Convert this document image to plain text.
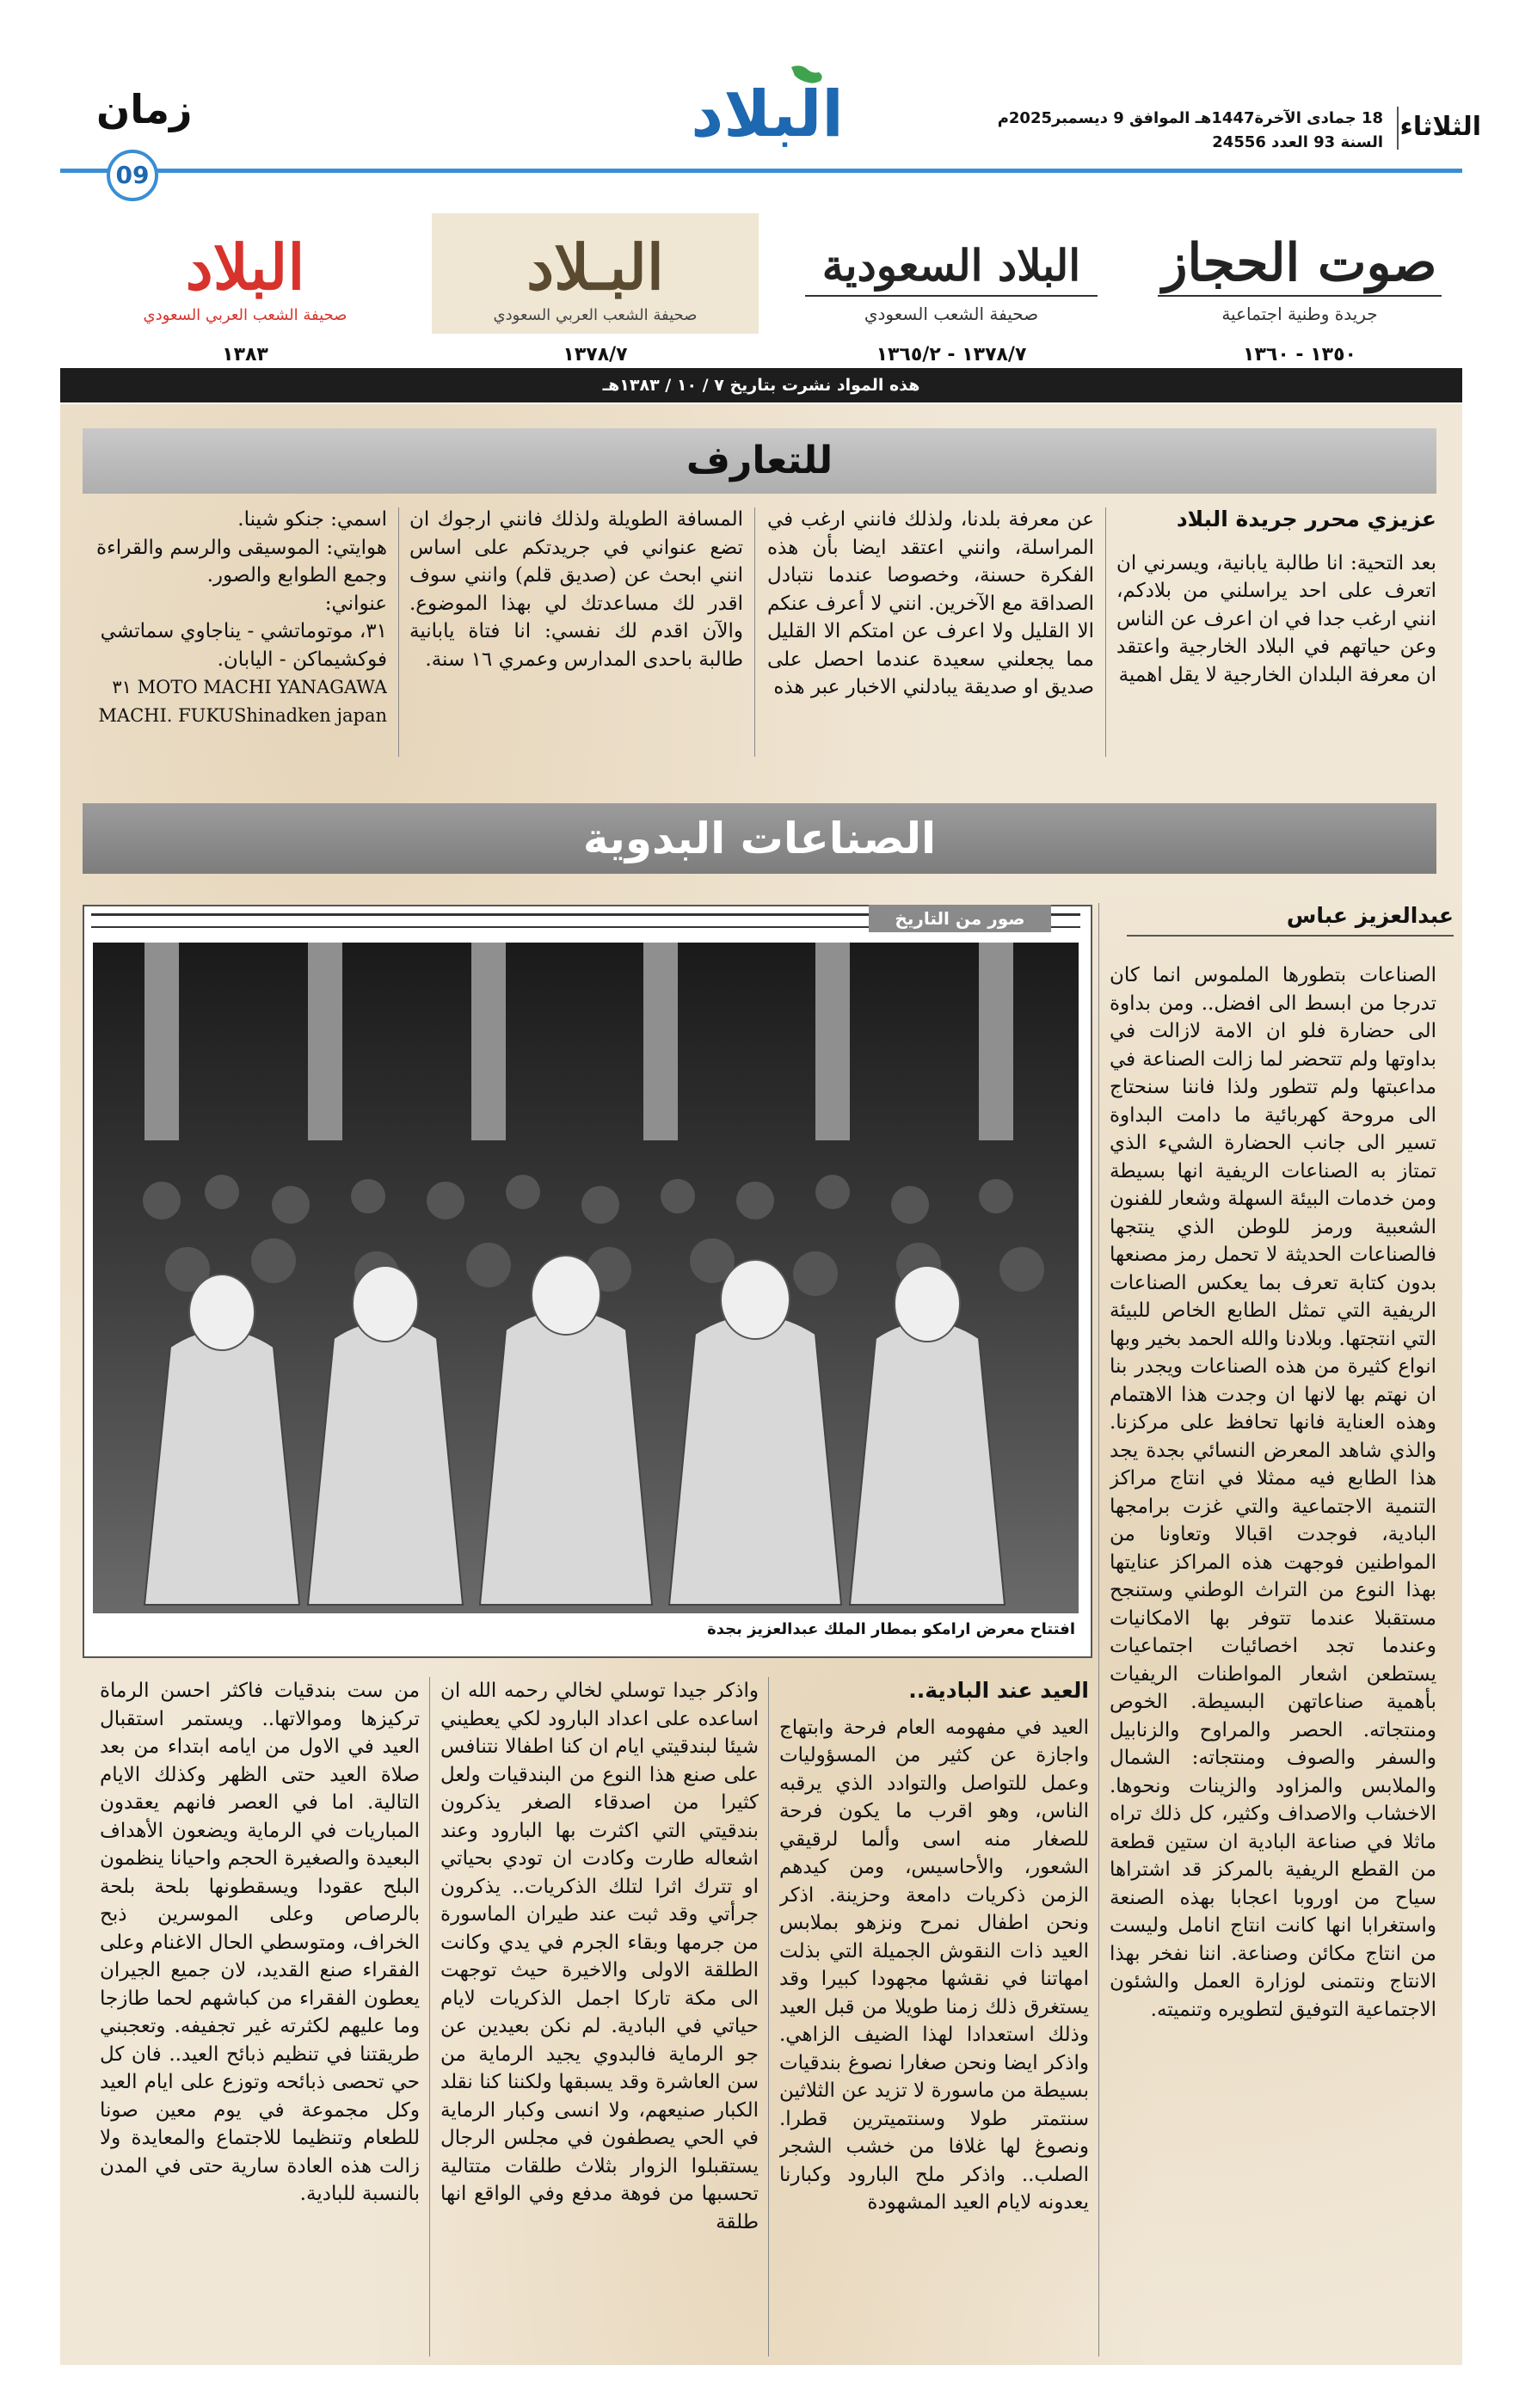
الثلاثاء
18 جمادى الآخرة1447هـ الموافق 9 ديسمبر2025م
السنة 93 العدد 24556
البلاد
زمان
09
صوت الحجاز
جريدة وطنية اجتماعية
البلاد السعودية
صحيفة الشعب السعودي
البـلاد
صحيفة الشعب العربي السعودي
البلاد
صحيفة الشعب العربي السعودي
١٣٥٠ - ١٣٦٠
١٣٧٨/٧ - ١٣٦٥/٢
١٣٧٨/٧
١٣٨٣
هذه المواد نشرت بتاريخ ٧ / ١٠ / ١٣٨٣هـ
للتعارف

عزيزي محرر جريدة البلاد

بعد التحية: انا طالبة يابانية، ويسرني ان اتعرف على احد يراسلني من بلادكم، انني ارغب جدا في ان اعرف عن الناس وعن حياتهم في البلاد الخارجية واعتقد ان معرفة البلدان الخارجية لا يقل اهمية

عن معرفة بلدنا، ولذلك فانني ارغب في المراسلة، وانني اعتقد ايضا بأن هذه الفكرة حسنة، وخصوصا عندما نتبادل الصداقة مع الآخرين. انني لا أعرف عنكم الا القليل ولا اعرف عن امتكم الا القليل مما يجعلني سعيدة عندما احصل على صديق او صديقة يبادلني الاخبار عبر هذه

المسافة الطويلة ولذلك فانني ارجوك ان تضع عنواني في جريدتكم على اساس انني ابحث عن (صديق قلم) وانني سوف اقدر لك مساعدتك لي بهذا الموضوع. والآن اقدم لك نفسي: انا فتاة يابانية طالبة باحدى المدارس وعمري ١٦ سنة.

اسمي: جنكو شينا.

هوايتي: الموسيقى والرسم والقراءة وجمع الطوابع والصور.

عنواني:

٣١، موتوماتشي - يناجاوي سماتشي فوكشيماكن - اليابان.

MOTO MACHI YANAGAWA ٣١

MACHI. FUKUShinadken japan

الصناعات البدوية
عبدالعزيز عباس

الصناعات بتطورها الملموس انما كان تدرجا من ابسط الى افضل.. ومن بداوة الى حضارة فلو ان الامة لازالت في بداوتها ولم تتحضر لما زالت الصناعة في مداعبتها ولم تتطور ولذا فاننا سنحتاج الى مروحة كهربائية ما دامت البداوة تسير الى جانب الحضارة الشيء الذي تمتاز به الصناعات الريفية انها بسيطة ومن خدمات البيئة السهلة وشعار للفنون الشعبية ورمز للوطن الذي ينتجها فالصناعات الحديثة لا تحمل رمز مصنعها بدون كتابة تعرف بما يعكس الصناعات الريفية التي تمثل الطابع الخاص للبيئة التي انتجتها. وبلادنا والله الحمد بخير وبها انواع كثيرة من هذه الصناعات ويجدر بنا ان نهتم بها لانها ان وجدت هذا الاهتمام وهذه العناية فانها تحافظ على مركزنا. والذي شاهد المعرض النسائي بجدة يجد هذا الطابع فيه ممثلا في انتاج مراكز التنمية الاجتماعية والتي غزت برامجها البادية، فوجدت اقبالا وتعاونا من المواطنين فوجهت هذه المراكز عنايتها بهذا النوع من التراث الوطني وستنجح مستقبلا عندما تتوفر بها الامكانيات وعندما تجد اخصائيات اجتماعيات يستطعن اشعار المواطنات الريفيات بأهمية صناعاتهن البسيطة. الخوص ومنتجاته. الحصر والمراوح والزنابيل والسفر والصوف ومنتجاته: الشمال والملابس والمزاود والزينات ونحوها. الاخشاب والاصداف وكثير، كل ذلك تراه ماثلا في صناعة البادية ان ستين قطعة من القطع الريفية بالمركز قد اشتراها سياح من اوروبا اعجابا بهذه الصنعة واستغرابا انها كانت انتاج انامل وليست من انتاج مكائن وصناعة. اننا نفخر بهذا الانتاج ونتمنى لوزارة العمل والشئون الاجتماعية التوفيق لتطويره وتنميته.

صور من التاريخ
افتتاح معرض ارامكو بمطار الملك عبدالعزيز بجدة

العيد عند البادية..

العيد في مفهومه العام فرحة وابتهاج واجازة عن كثير من المسؤوليات وعمل للتواصل والتوادد الذي يرقبه الناس، وهو اقرب ما يكون فرحة للصغار منه اسى وألما لرقيقي الشعور، والأحاسيس، ومن كيدهم الزمن ذكريات دامعة وحزينة. اذكر ونحن اطفال نمرح ونزهو بملابس العيد ذات النقوش الجميلة التي بذلت امهاتنا في نقشها مجهودا كبيرا وقد يستغرق ذلك زمنا طويلا من قبل العيد وذلك استعدادا لهذا الضيف الزاهي. واذكر ايضا ونحن صغارا نصوغ بندقيات بسيطة من ماسورة لا تزيد عن الثلاثين سنتمتر طولا وسنتميترين قطرا. ونصوغ لها غلافا من خشب الشجر الصلب.. واذكر ملح البارود وكبارنا يعدونه لايام العيد المشهودة

واذكر جيدا توسلي لخالي رحمه الله ان اساعده على اعداد البارود لكي يعطيني شيئا لبندقيتي ايام ان كنا اطفالا نتنافس على صنع هذا النوع من البندقيات ولعل كثيرا من اصدقاء الصغر يذكرون بندقيتي التي اكثرت بها البارود وعند اشعاله طارت وكادت ان تودي بحياتي او تترك اثرا لتلك الذكريات.. يذكرون جرأتي وقد ثبت عند طيران الماسورة من جرمها وبقاء الجرم في يدي وكانت الطلقة الاولى والاخيرة حيث توجهت الى مكة تاركا اجمل الذكريات لايام حياتي في البادية. لم نكن بعيدين عن جو الرماية فالبدوي يجيد الرماية من سن العاشرة وقد يسبقها ولكننا كنا نقلد الكبار صنيعهم، ولا انسى وكبار الرماية في الحي يصطفون في مجلس الرجال يستقبلوا الزوار بثلاث طلقات متتالية تحسبها من فوهة مدفع وفي الواقع انها طلقة

من ست بندقيات فاكثر احسن الرماة تركيزها وموالاتها.. ويستمر استقبال العيد في الاول من ايامه ابتداء من بعد صلاة العيد حتى الظهر وكذلك الايام التالية. اما في العصر فانهم يعقدون المباريات في الرماية ويضعون الأهداف البعيدة والصغيرة الحجم واحيانا ينظمون البلح عقودا ويسقطونها بلحة بلحة بالرصاص وعلى الموسرين ذبح الخراف، ومتوسطي الحال الاغنام وعلى الفقراء صنع القديد، لان جميع الجيران يعطون الفقراء من كباشهم لحما طازجا وما عليهم لكثرته غير تجفيفه. وتعجبني طريقتنا في تنظيم ذبائح العيد.. فان كل حي تحصى ذبائحه وتوزع على ايام العيد وكل مجموعة في يوم معين صونا للطعام وتنظيما للاجتماع والمعايدة ولا زالت هذه العادة سارية حتى في المدن بالنسبة للبادية.
